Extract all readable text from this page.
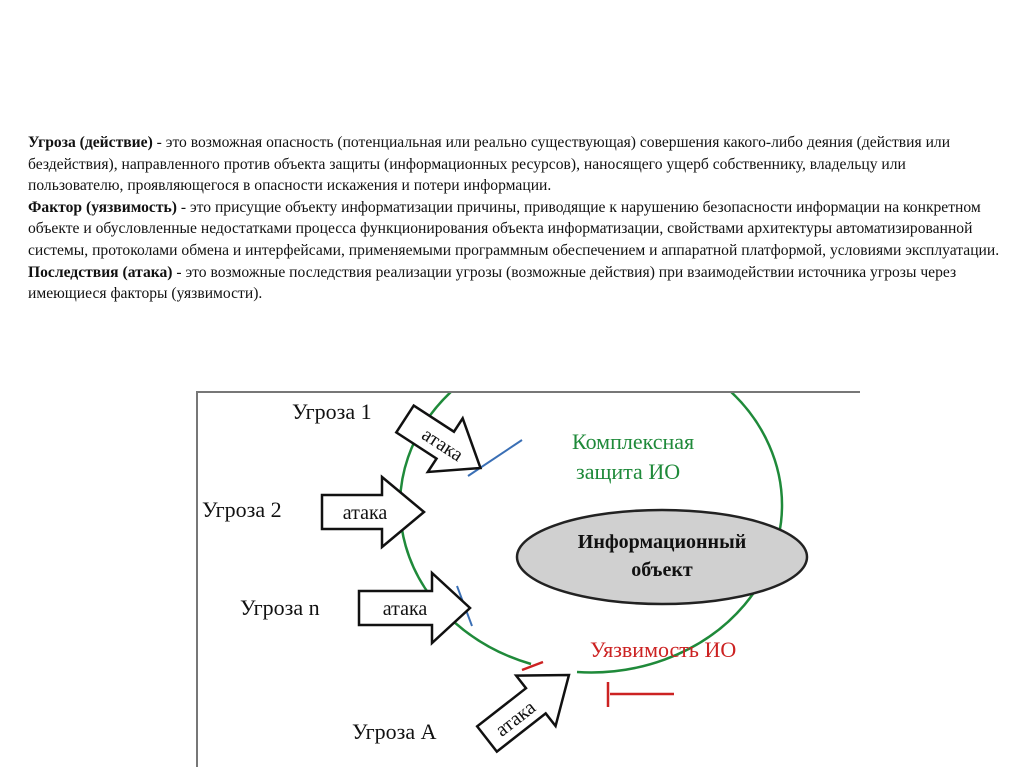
Угроза (действие) - это возможная опасность (потенциальная или реально существующая) совершения какого-либо деяния (действия или бездействия), направленного против объекта защиты (информационных ресурсов), наносящего ущерб собственнику, владельцу или пользователю, проявляющегося в опасности искажения и потери информации.

Фактор (уязвимость) - это присущие объекту информатизации причины, приводящие к нарушению безопасности информации на конкретном объекте и обусловленные недостатками процесса функционирования объекта информатизации, свойствами архитектуры автоматизированной системы, протоколами обмена и интерфейсами, применяемыми программным обеспечением и аппаратной платформой, условиями эксплуатации.

Последствия (атака) - это возможные последствия реализации угрозы (возможные действия) при взаимодействии источника угрозы через имеющиеся факторы (уязвимости).

Информационный
объект
Комплексная
защита ИО
Уязвимость ИО
Угроза 1
атака
Угроза 2	атака
Угроза n	атака
Угроза А	атака
